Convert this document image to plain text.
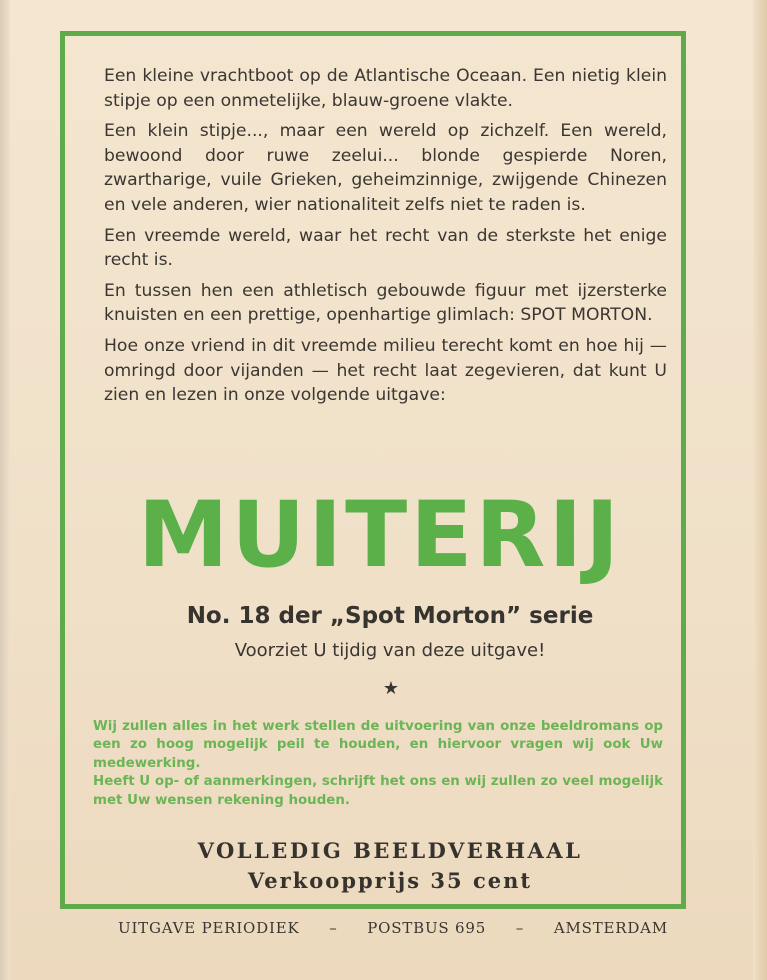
Een kleine vrachtboot op de Atlantische Oceaan. Een nietig klein stipje op een onmetelijke, blauw-groene vlakte.

Een klein stipje..., maar een wereld op zichzelf. Een wereld, bewoond door ruwe zeelui... blonde gespierde Noren, zwartharige, vuile Grieken, geheimzinnige, zwijgende Chinezen en vele anderen, wier nationaliteit zelfs niet te raden is.

Een vreemde wereld, waar het recht van de sterkste het enige recht is.

En tussen hen een athletisch gebouwde figuur met ijzersterke knuisten en een prettige, openhartige glimlach: SPOT MORTON.

Hoe onze vriend in dit vreemde milieu terecht komt en hoe hij — omringd door vijanden — het recht laat zegevieren, dat kunt U zien en lezen in onze volgende uitgave:

MUITERIJ
No. 18 der „Spot Morton” serie
Voorziet U tijdig van deze uitgave!
★

Wij zullen alles in het werk stellen de uitvoering van onze beeldromans op een zo hoog mogelijk peil te houden, en hiervoor vragen wij ook Uw medewerking.

Heeft U op- of aanmerkingen, schrijft het ons en wij zullen zo veel mogelijk met Uw wensen rekening houden.

VOLLEDIG BEELDVERHAAL
Verkoopprijs 35 cent
UITGAVE PERIODIEK – POSTBUS 695 – AMSTERDAM
